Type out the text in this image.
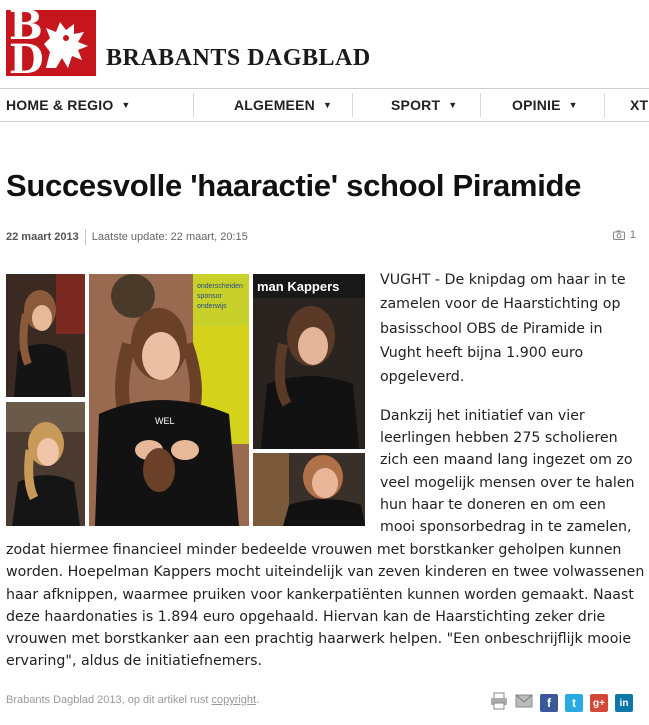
B
D	BRABANTS DAGBLAD
HOME & REGIO ▼	ALGEMEEN ▼	SPORT ▼	OPINIE ▼	XT
Succesvolle 'haaractie' school Piramide
22 maart 2013 Laatste update: 22 maart, 20:15	1
onderscheiden
sponsor
onderwijs
WEL
man Kappers	VUGHT - De knipdag om haar in te
zamelen voor de Haarstichting op
basisschool OBS de Piramide in
Vught heeft bijna 1.900 euro
opgeleverd.
Dankzij het initiatief van vier
leerlingen hebben 275 scholieren
zich een maand lang ingezet om zo
veel mogelijk mensen over te halen
hun haar te doneren en om een
mooi sponsorbedrag in te zamelen,
zodat hiermee financieel minder bedeelde vrouwen met borstkanker geholpen kunnen
worden. Hoepelman Kappers mocht uiteindelijk van zeven kinderen en twee volwassenen
haar afknippen, waarmee pruiken voor kankerpatiënten kunnen worden gemaakt. Naast
deze haardonaties is 1.894 euro opgehaald. Hiervan kan de Haarstichting zeker drie
vrouwen met borstkanker aan een prachtig haarwerk helpen. "Een onbeschrijflijk mooie
ervaring", aldus de initiatiefnemers.
Brabants Dagblad 2013, op dit artikel rust copyright.	f	t	g+	in
